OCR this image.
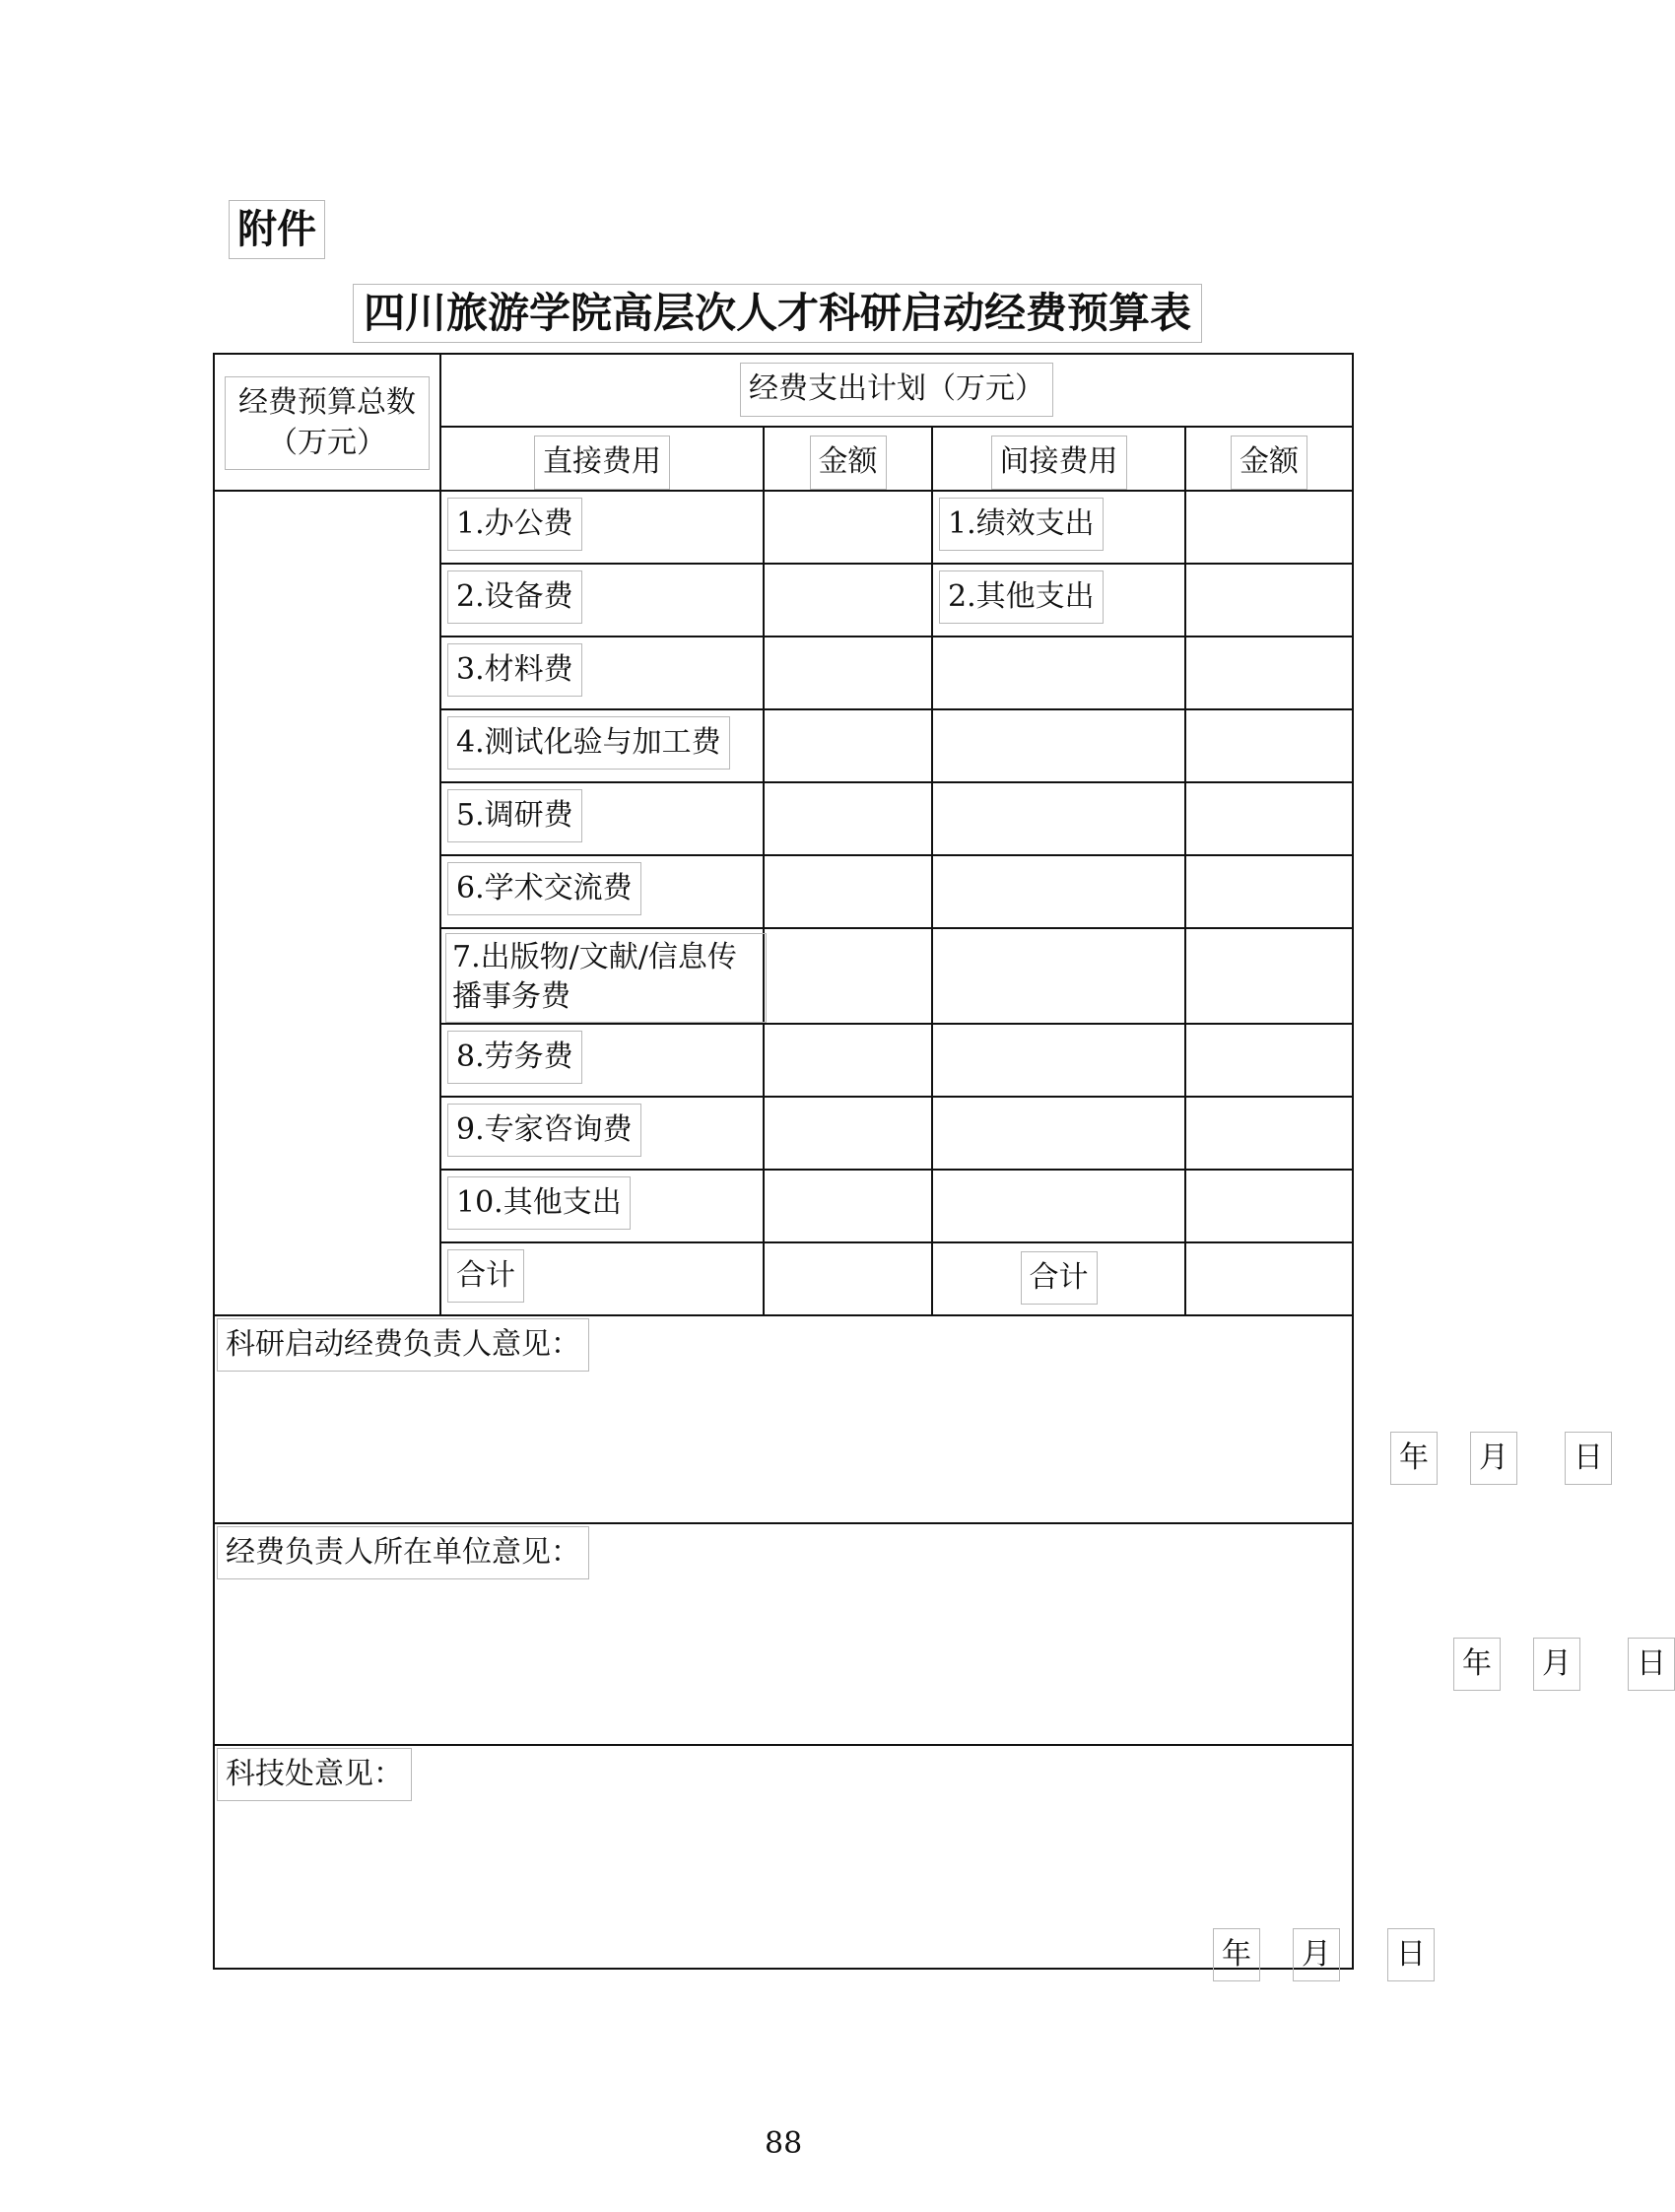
附件
四川旅游学院高层次人才科研启动经费预算表
经费预算总数（万元）	经费支出计划（万元）			

	直接费用	金额	间接费用	金额

	1.办公费		1.绩效支出	
	2.设备费		2.其他支出	
	3.材料费			
	4.测试化验与加工费			
	5.调研费			
	6.学术交流费			
	7.出版物/文献/信息传播事务费			
	8.劳务费			
	9.专家咨询费			
	10.其他支出			
	合计		合计	

科研启动经费负责人意见：
年 月 日				

经费负责人所在单位意见：
年 月 日				

科技处意见：
年 月 日				
88
